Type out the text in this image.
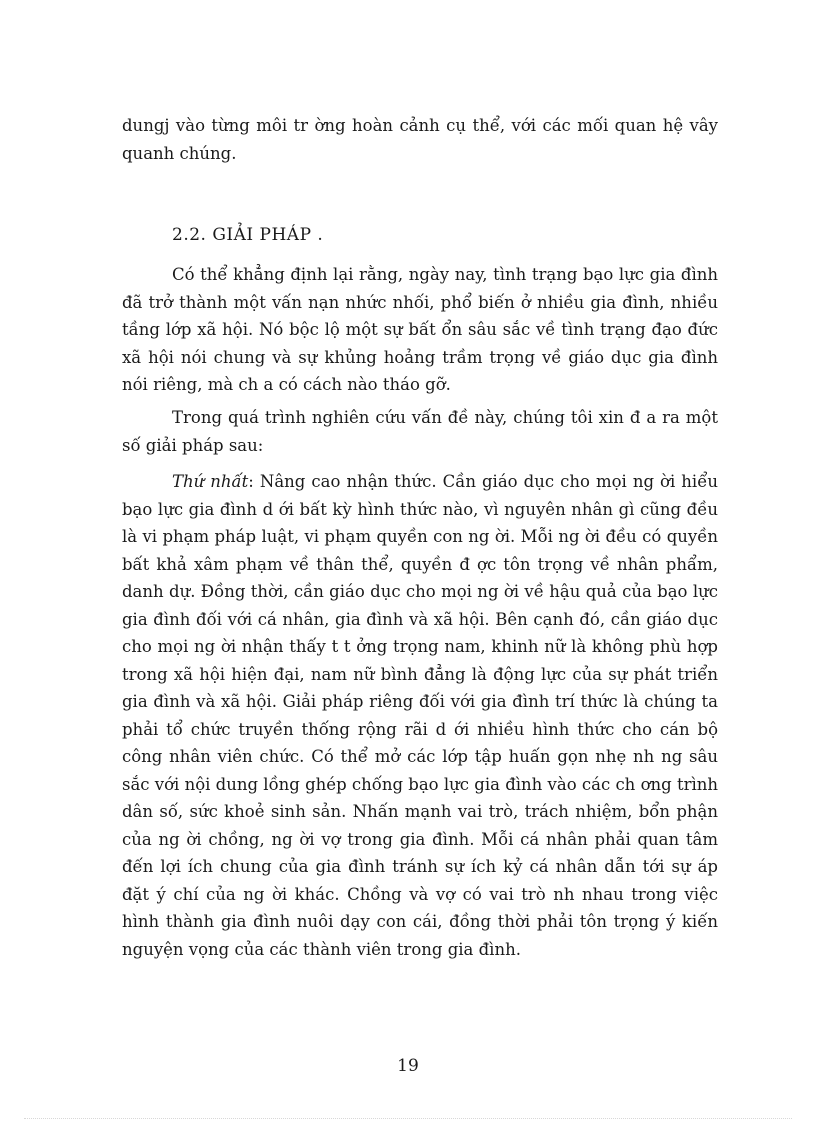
dungj vào từng môi tr ờng hoàn cảnh cụ thể, với các mối quan hệ vây quanh chúng.

2.2. GIẢI PHÁP .

Có thể khẳng định lại rằng, ngày nay, tình trạng bạo lực gia đình đã trở thành một vấn nạn nhức nhối, phổ biến ở nhiều gia đình, nhiều tầng lớp xã hội. Nó bộc lộ một sự bất ổn sâu sắc về tình trạng đạo đức xã hội nói chung và sự khủng hoảng trầm trọng về giáo dục gia đình nói riêng, mà ch a có cách nào tháo gỡ.

Trong quá trình nghiên cứu vấn đề này, chúng tôi xin đ a ra một số giải pháp sau:

Thứ nhất: Nâng cao nhận thức. Cần giáo dục cho mọi ng ời hiểu bạo lực gia đình d ới bất kỳ hình thức nào, vì nguyên nhân gì cũng đều là vi phạm pháp luật, vi phạm quyền con ng ời. Mỗi ng ời đều có quyền bất khả xâm phạm về thân thể, quyền đ ợc tôn trọng về nhân phẩm, danh dự. Đồng thời, cần giáo dục cho mọi ng ời về hậu quả của bạo lực gia đình đối với cá nhân, gia đình và xã hội. Bên cạnh đó, cần giáo dục cho mọi ng ời nhận thấy t t ởng trọng nam, khinh nữ là không phù hợp trong xã hội hiện đại, nam nữ bình đẳng là động lực của sự phát triển gia đình và xã hội. Giải pháp riêng đối với gia đình trí thức là chúng ta phải tổ chức truyền thống rộng rãi d ới nhiều hình thức cho cán bộ công nhân viên chức. Có thể mở các lớp tập huấn gọn nhẹ nh ng sâu sắc với nội dung lồng ghép chống bạo lực gia đình vào các ch ơng trình dân số, sức khoẻ sinh sản. Nhấn mạnh vai trò, trách nhiệm, bổn phận của ng ời chồng, ng ời vợ trong gia đình. Mỗi cá nhân phải quan tâm đến lợi ích chung của gia đình tránh sự ích kỷ cá nhân dẫn tới sự áp đặt ý chí của ng ời khác. Chồng và vợ có vai trò nh nhau trong việc hình thành gia đình nuôi dạy con cái, đồng thời phải tôn trọng ý kiến nguyện vọng của các thành viên trong gia đình.

19
